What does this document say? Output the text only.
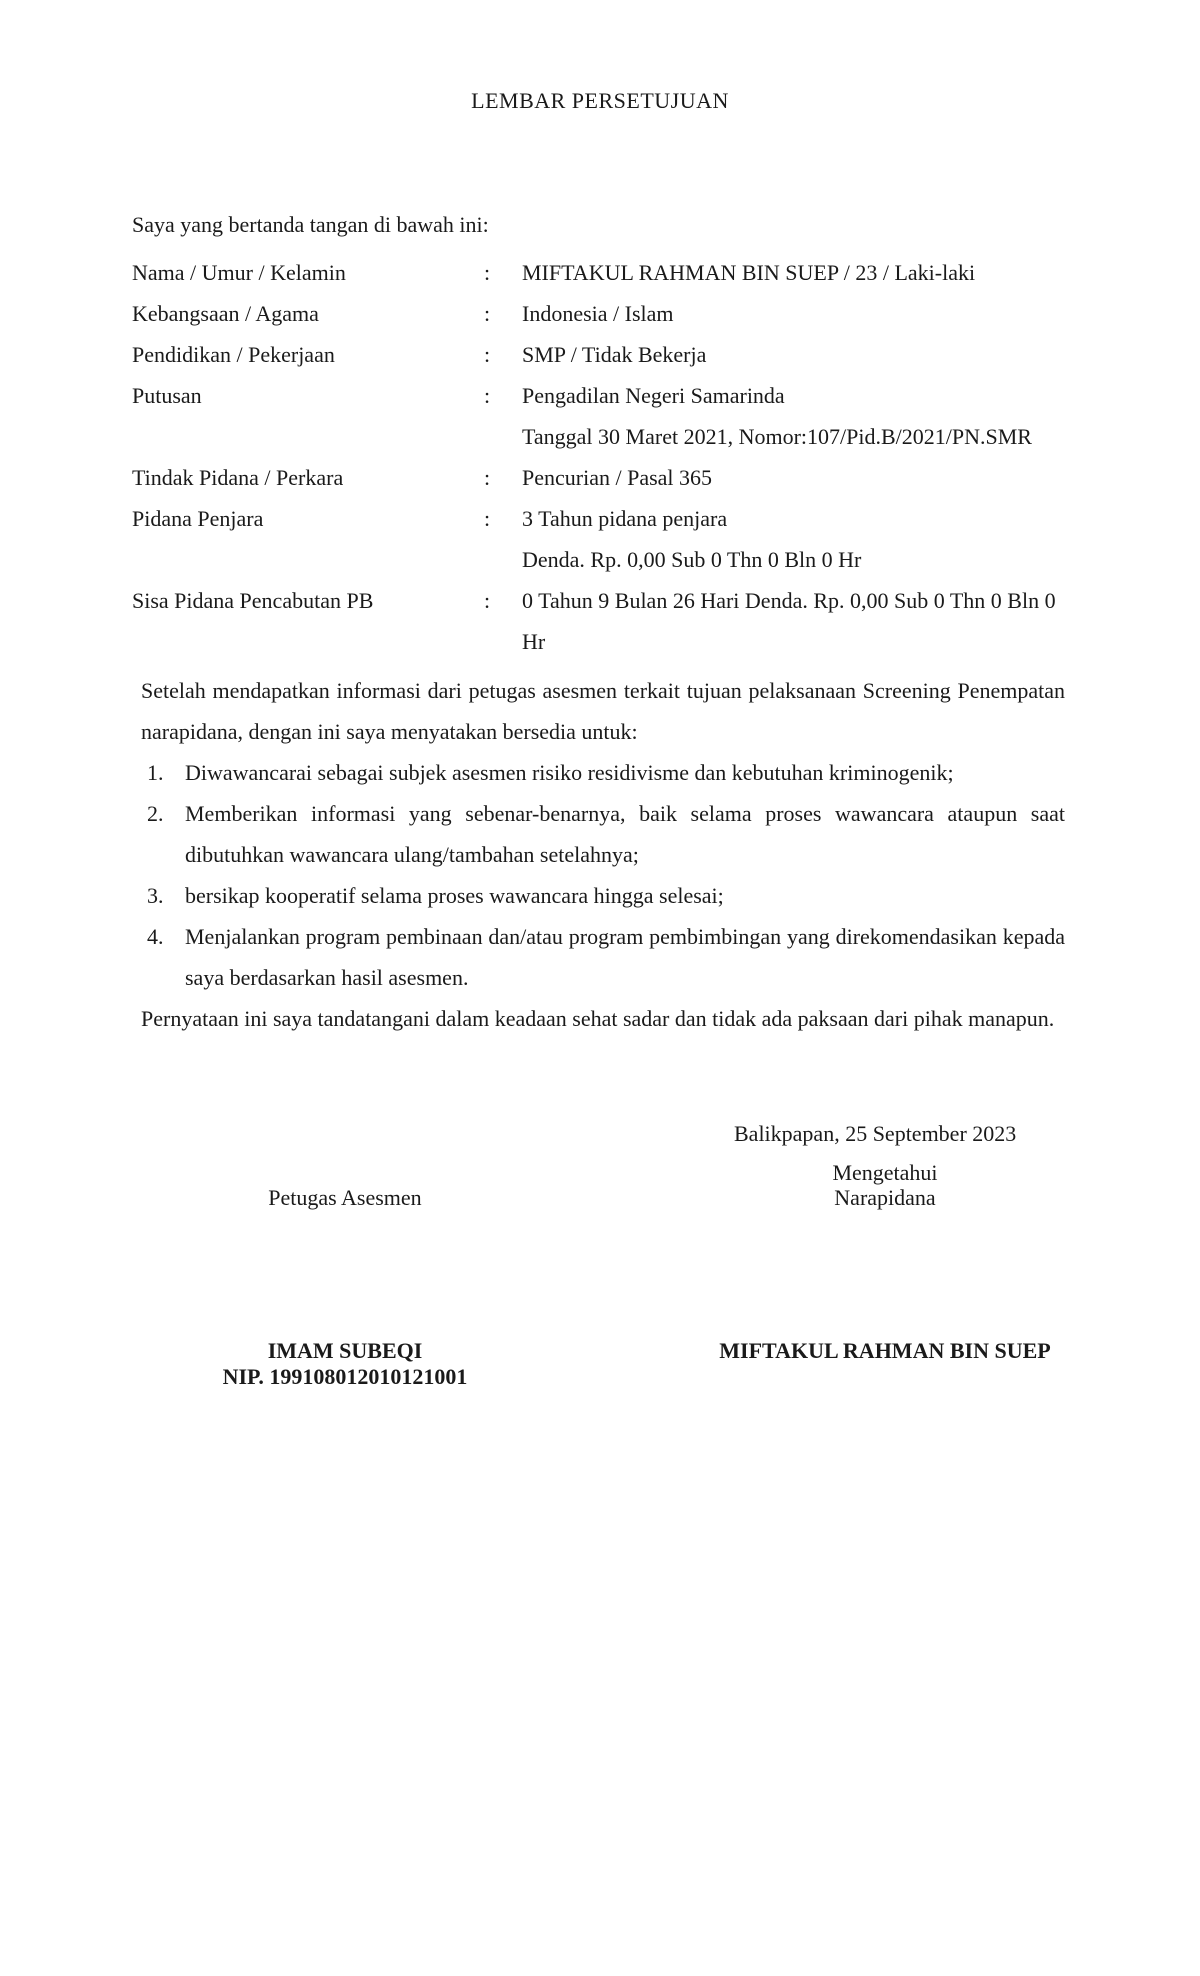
LEMBAR PERSETUJUAN
Saya yang bertanda tangan di bawah ini:
Nama / Umur / Kelamin	:	MIFTAKUL RAHMAN BIN SUEP / 23 / Laki-laki
Kebangsaan / Agama	:	Indonesia / Islam
Pendidikan / Pekerjaan	:	SMP / Tidak Bekerja
Putusan	:	Pengadilan Negeri Samarinda
Tanggal 30 Maret 2021, Nomor:107/Pid.B/2021/PN.SMR
Tindak Pidana / Perkara	:	Pencurian / Pasal 365
Pidana Penjara	:	3 Tahun pidana penjara
Denda. Rp. 0,00 Sub 0 Thn 0 Bln 0 Hr
Sisa Pidana Pencabutan PB	:	0 Tahun 9 Bulan 26 Hari Denda. Rp. 0,00 Sub 0 Thn 0 Bln 0 Hr

Setelah mendapatkan informasi dari petugas asesmen terkait tujuan pelaksanaan Screening Penempatan narapidana, dengan ini saya menyatakan bersedia untuk:

1. Diwawancarai sebagai subjek asesmen risiko residivisme dan kebutuhan kriminogenik;
2. Memberikan informasi yang sebenar-benarnya, baik selama proses wawancara ataupun saat dibutuhkan wawancara ulang/tambahan setelahnya;
3. bersikap kooperatif selama proses wawancara hingga selesai;
4. Menjalankan program pembinaan dan/atau program pembimbingan yang direkomendasikan kepada saya berdasarkan hasil asesmen.

Pernyataan ini saya tandatangani dalam keadaan sehat sadar dan tidak ada paksaan dari pihak manapun.

Balikpapan, 25 September 2023
Mengetahui
Petugas Asesmen	Narapidana
IMAM SUBEQI
NIP. 199108012010121001
MIFTAKUL RAHMAN BIN SUEP
